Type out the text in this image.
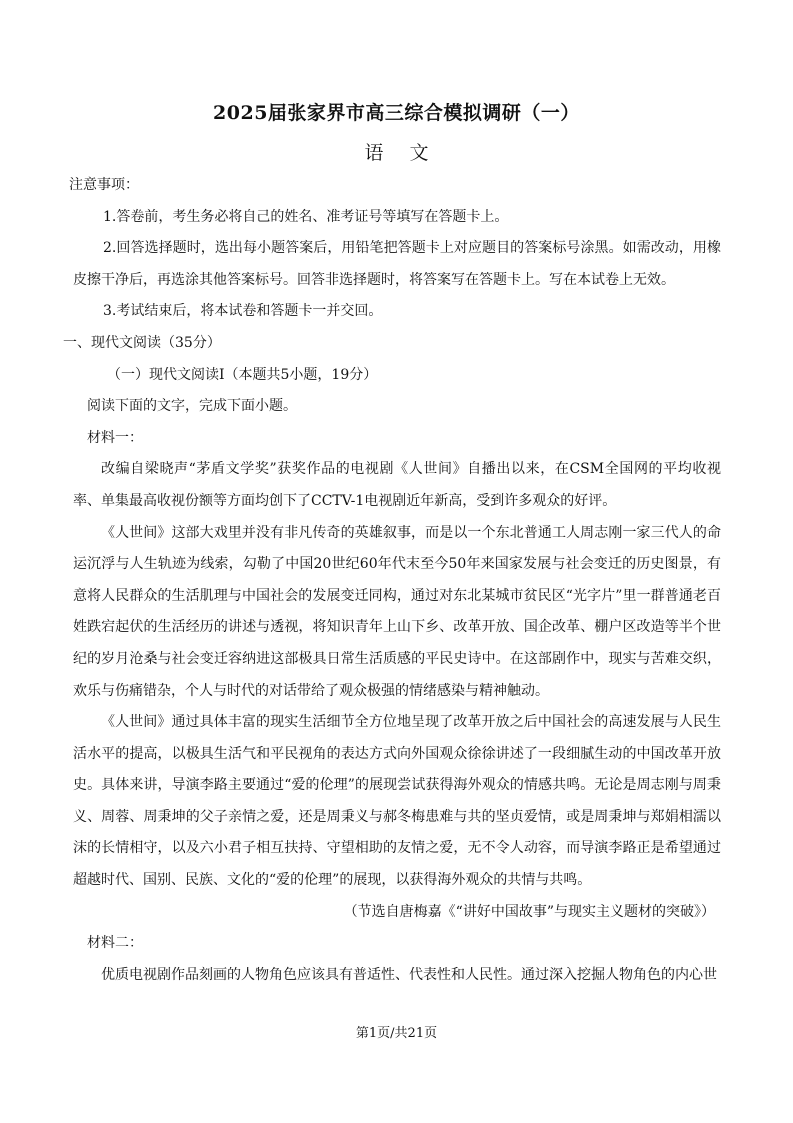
2025届张家界市高三综合模拟调研（一）
语 文

注意事项：

1.答卷前，考生务必将自己的姓名、准考证号等填写在答题卡上。

2.回答选择题时，选出每小题答案后，用铅笔把答题卡上对应题目的答案标号涂黑。如需改动，用橡皮擦干净后，再选涂其他答案标号。回答非选择题时，将答案写在答题卡上。写在本试卷上无效。

3.考试结束后，将本试卷和答题卡一并交回。

一、现代文阅读（35分）

（一）现代文阅读Ⅰ（本题共5小题，19分）

阅读下面的文字，完成下面小题。

材料一：

改编自梁晓声“茅盾文学奖”获奖作品的电视剧《人世间》自播出以来，在CSM全国网的平均收视率、单集最高收视份额等方面均创下了CCTV-1电视剧近年新高，受到许多观众的好评。

《人世间》这部大戏里并没有非凡传奇的英雄叙事，而是以一个东北普通工人周志刚一家三代人的命运沉浮与人生轨迹为线索，勾勒了中国20世纪60年代末至今50年来国家发展与社会变迁的历史图景，有意将人民群众的生活肌理与中国社会的发展变迁同构，通过对东北某城市贫民区“光字片”里一群普通老百姓跌宕起伏的生活经历的讲述与透视，将知识青年上山下乡、改革开放、国企改革、棚户区改造等半个世纪的岁月沧桑与社会变迁容纳进这部极具日常生活质感的平民史诗中。在这部剧作中，现实与苦难交织，欢乐与伤痛错杂，个人与时代的对话带给了观众极强的情绪感染与精神触动。

《人世间》通过具体丰富的现实生活细节全方位地呈现了改革开放之后中国社会的高速发展与人民生活水平的提高，以极具生活气和平民视角的表达方式向外国观众徐徐讲述了一段细腻生动的中国改革开放史。具体来讲，导演李路主要通过“爱的伦理”的展现尝试获得海外观众的情感共鸣。无论是周志刚与周秉义、周蓉、周秉坤的父子亲情之爱，还是周秉义与郝冬梅患难与共的坚贞爱情，或是周秉坤与郑娟相濡以沫的长情相守，以及六小君子相互扶持、守望相助的友情之爱，无不令人动容，而导演李路正是希望通过超越时代、国别、民族、文化的“爱的伦理”的展现，以获得海外观众的共情与共鸣。

（节选自唐梅嘉《“讲好中国故事”与现实主义题材的突破》）

材料二：

优质电视剧作品刻画的人物角色应该具有普适性、代表性和人民性。通过深入挖掘人物角色的内心世

第1页/共21页
